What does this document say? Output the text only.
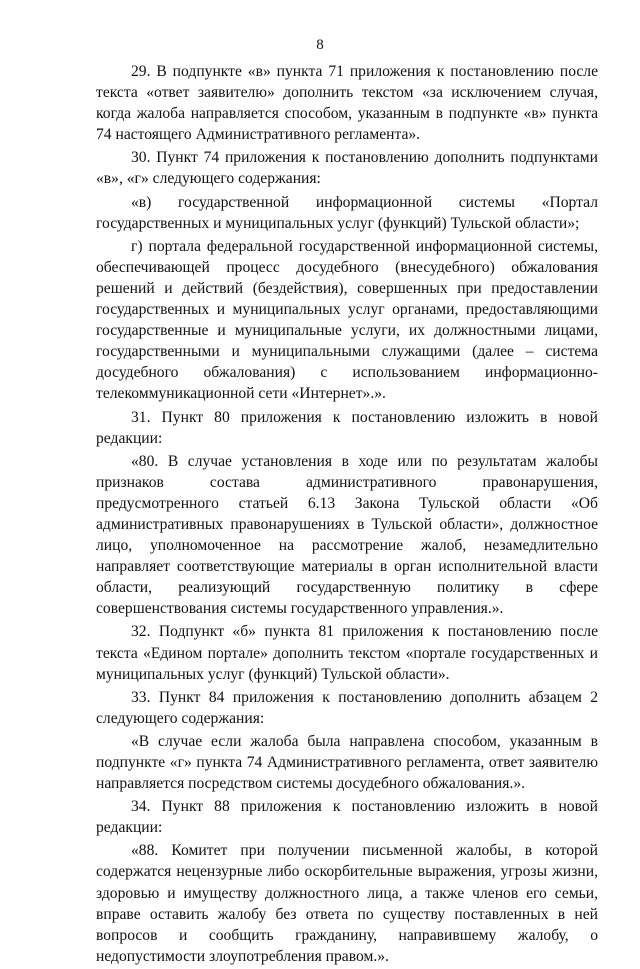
8

29. В подпункте «в» пункта 71 приложения к постановлению после текста «ответ заявителю» дополнить текстом «за исключением случая, когда жалоба направляется способом, указанным в подпункте «в» пункта 74 настоящего Административного регламента».

30. Пункт 74 приложения к постановлению дополнить подпунктами «в», «г» следующего содержания:

«в) государственной информационной системы «Портал государственных и муниципальных услуг (функций) Тульской области»;

г) портала федеральной государственной информационной системы, обеспечивающей процесс досудебного (внесудебного) обжалования решений и действий (бездействия), совершенных при предоставлении государственных и муниципальных услуг органами, предоставляющими государственные и муниципальные услуги, их должностными лицами, государственными и муниципальными служащими (далее – система досудебного обжалования) с использованием информационно-телекоммуникационной сети «Интернет».».

31. Пункт 80 приложения к постановлению изложить в новой редакции:

«80. В случае установления в ходе или по результатам жалобы признаков состава административного правонарушения, предусмотренного статьей 6.13 Закона Тульской области «Об административных правонарушениях в Тульской области», должностное лицо, уполномоченное на рассмотрение жалоб, незамедлительно направляет соответствующие материалы в орган исполнительной власти области, реализующий государственную политику в сфере совершенствования системы государственного управления.».

32. Подпункт «б» пункта 81 приложения к постановлению после текста «Едином портале» дополнить текстом «портале государственных и муниципальных услуг (функций) Тульской области».

33. Пункт 84 приложения к постановлению дополнить абзацем 2 следующего содержания:

«В случае если жалоба была направлена способом, указанным в подпункте «г» пункта 74 Административного регламента, ответ заявителю направляется посредством системы досудебного обжалования.».

34. Пункт 88 приложения к постановлению изложить в новой редакции:

«88. Комитет при получении письменной жалобы, в которой содержатся нецензурные либо оскорбительные выражения, угрозы жизни, здоровью и имуществу должностного лица, а также членов его семьи, вправе оставить жалобу без ответа по существу поставленных в ней вопросов и сообщить гражданину, направившему жалобу, о недопустимости злоупотребления правом.».
